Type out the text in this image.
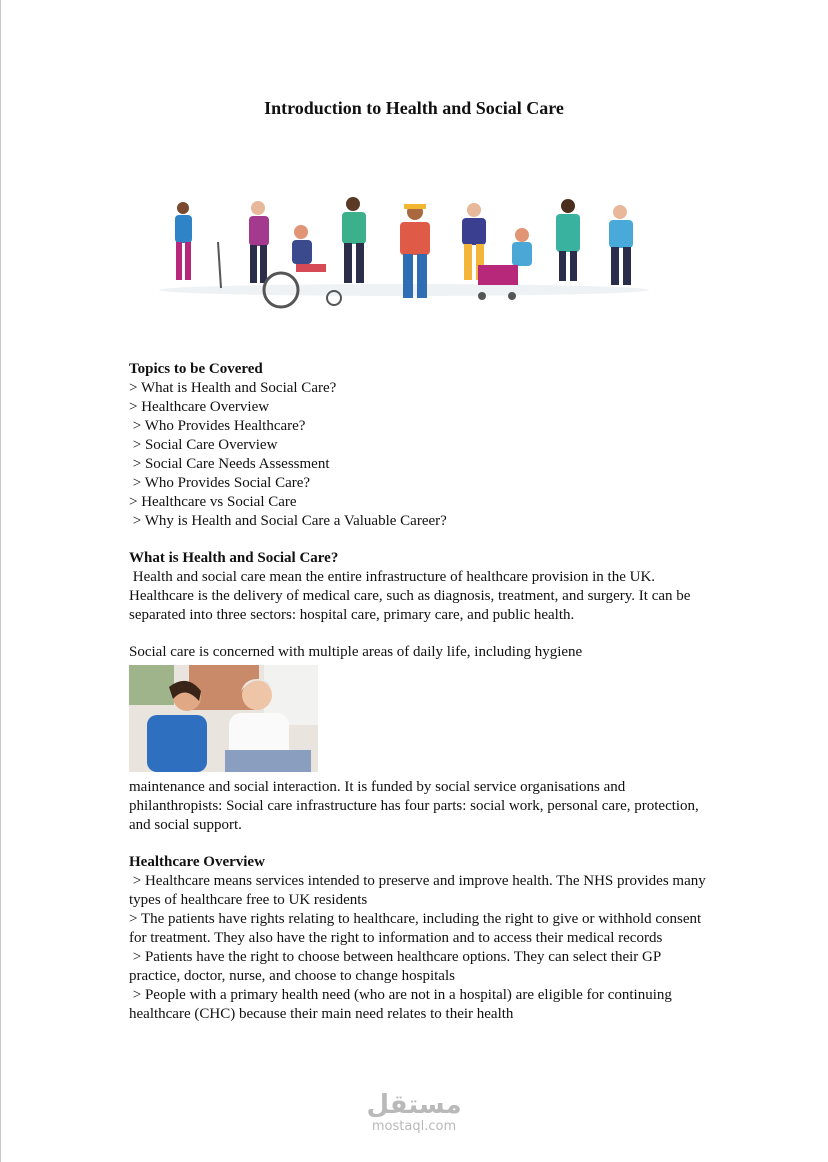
Introduction to Health and Social Care
Topics to be Covered
> What is Health and Social Care?
> Healthcare Overview
> Who Provides Healthcare?
> Social Care Overview
> Social Care Needs Assessment
> Who Provides Social Care?
> Healthcare vs Social Care
> Why is Health and Social Care a Valuable Career?
What is Health and Social Care?

Health and social care mean the entire infrastructure of healthcare provision in the UK. Healthcare is the delivery of medical care, such as diagnosis, treatment, and surgery. It can be separated into three sectors: hospital care, primary care, and public health.

Social care is concerned with multiple areas of daily life, including hygiene

maintenance and social interaction. It is funded by social service organisations and philanthropists: Social care infrastructure has four parts: social work, personal care, protection, and social support.

Healthcare Overview

> Healthcare means services intended to preserve and improve health. The NHS provides many types of healthcare free to UK residents

> The patients have rights relating to healthcare, including the right to give or withhold consent for treatment. They also have the right to information and to access their medical records

> Patients have the right to choose between healthcare options. They can select their GP practice, doctor, nurse, and choose to change hospitals

> People with a primary health need (who are not in a hospital) are eligible for continuing healthcare (CHC) because their main need relates to their health

مستقل
mostaql.com
